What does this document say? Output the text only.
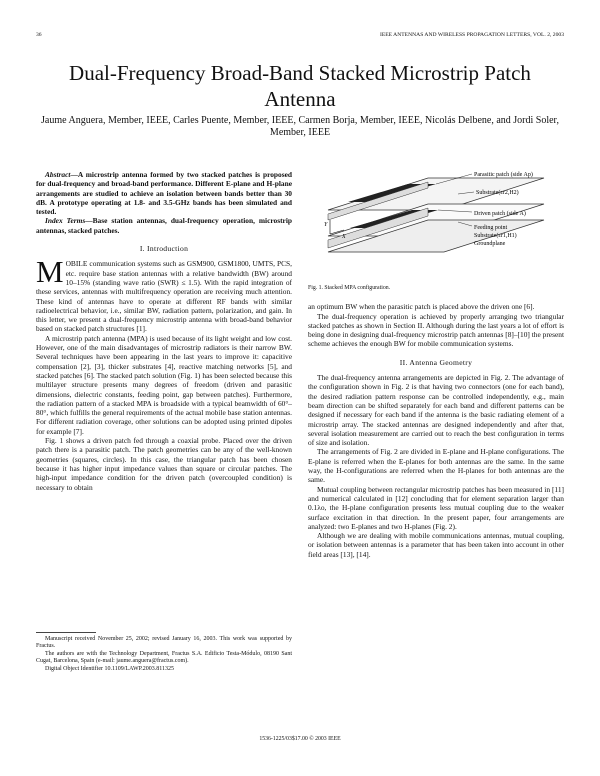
36	IEEE ANTENNAS AND WIRELESS PROPAGATION LETTERS, VOL. 2, 2003
Dual-Frequency Broad-Band Stacked Microstrip Patch Antenna
Jaume Anguera, Member, IEEE, Carles Puente, Member, IEEE, Carmen Borja, Member, IEEE, Nicolás Delbene, and Jordi Soler, Member, IEEE

Abstract—A microstrip antenna formed by two stacked patches is proposed for dual-frequency and broad-band performance. Different E-plane and H-plane arrangements are studied to achieve an isolation between bands better than 30 dB. A prototype operating at 1.8- and 3.5-GHz bands has been simulated and tested.

Index Terms—Base station antennas, dual-frequency operation, microstrip antennas, stacked patches.

I. Introduction

MOBILE communication systems such as GSM900, GSM1800, UMTS, PCS, etc. require base station antennas with a relative bandwidth (BW) around 10–15% (standing wave ratio (SWR) ≤ 1.5). With the rapid integration of these services, antennas with multifrequency operation are receiving much attention. These kind of antennas have to operate at different RF bands with similar radioelectrical behavior, i.e., similar BW, radiation pattern, polarization, and gain. In this letter, we present a dual-frequency microstrip antenna with broad-band behavior based on stacked patch structures [1].

A microstrip patch antenna (MPA) is used because of its light weight and low cost. However, one of the main disadvantages of microstrip radiators is their narrow BW. Several techniques have been appearing in the last years to improve it: capacitive compensation [2], [3], thicker substrates [4], reactive matching networks [5], and stacked patches [6]. The stacked patch solution (Fig. 1) has been selected because this multilayer structure presents many degrees of freedom (driven and parasitic dimensions, dielectric constants, feeding point, gap between patches). Furthermore, the radiation pattern of a stacked MPA is broadside with a typical beamwidth of 60°–80°, which fulfills the general requirements of the actual mobile base station antennas. For different radiation coverage, other solutions can be adopted using printed dipoles for example [7].

Fig. 1 shows a driven patch fed through a coaxial probe. Placed over the driven patch there is a parasitic patch. The patch geometries can be any of the well-known geometries (squares, circles). In this case, the triangular patch has been chosen because it has higher input impedance values than square or circular patches. The high-input impedance condition for the driven patch (overcoupled condition) is necessary to obtain

Manuscript received November 25, 2002; revised January 16, 2003. This work was supported by Fractus.

The authors are with the Technology Department, Fractus S.A. Edificio Testa-Módulo, 08190 Sant Cugat, Barcelona, Spain (e-mail: jaume.anguera@fractus.com).

Digital Object Identifier 10.1109/LAWP.2003.811325

Y
X
Parasitic patch (side Ap)
Substrate(εr2,H2)
Driven patch (side A)
Feeding point
Substrate(εr1,H1)
Groundplane
Fig. 1. Stacked MPA configuration.

an optimum BW when the parasitic patch is placed above the driven one [6].

The dual-frequency operation is achieved by properly arranging two triangular stacked patches as shown in Section II. Although during the last years a lot of effort is being done in designing dual-frequency microstrip patch antennas [8]–[10] the present scheme achieves the enough BW for mobile communication systems.

II. Antenna Geometry

The dual-frequency antenna arrangements are depicted in Fig. 2. The advantage of the configuration shown in Fig. 2 is that having two connectors (one for each band), the desired radiation pattern response can be controlled independently, e.g., main beam direction can be shifted separately for each band and different patterns can be designed if necessary for each band if the antenna is the basic radiating element of a microstrip array. The stacked antennas are designed independently and after that, several isolation measurement are carried out to reach the best configuration in terms of size and isolation.

The arrangements of Fig. 2 are divided in E-plane and H-plane configurations. The E-plane is referred when the E-planes for both antennas are the same. In the same way, the H-configurations are referred when the H-planes for both antennas are the same.

Mutual coupling between rectangular microstrip patches has been measured in [11] and numerical calculated in [12] concluding that for element separation larger than 0.1λo, the H-plane configuration presents less mutual coupling due to the weaker surface excitation in that direction. In the present paper, four arrangements are analyzed: two E-planes and two H-planes (Fig. 2).

Although we are dealing with mobile communications antennas, mutual coupling, or isolation between antennas is a parameter that has been taken into account in other field areas [13], [14].

1536-1225/03$17.00 © 2003 IEEE
